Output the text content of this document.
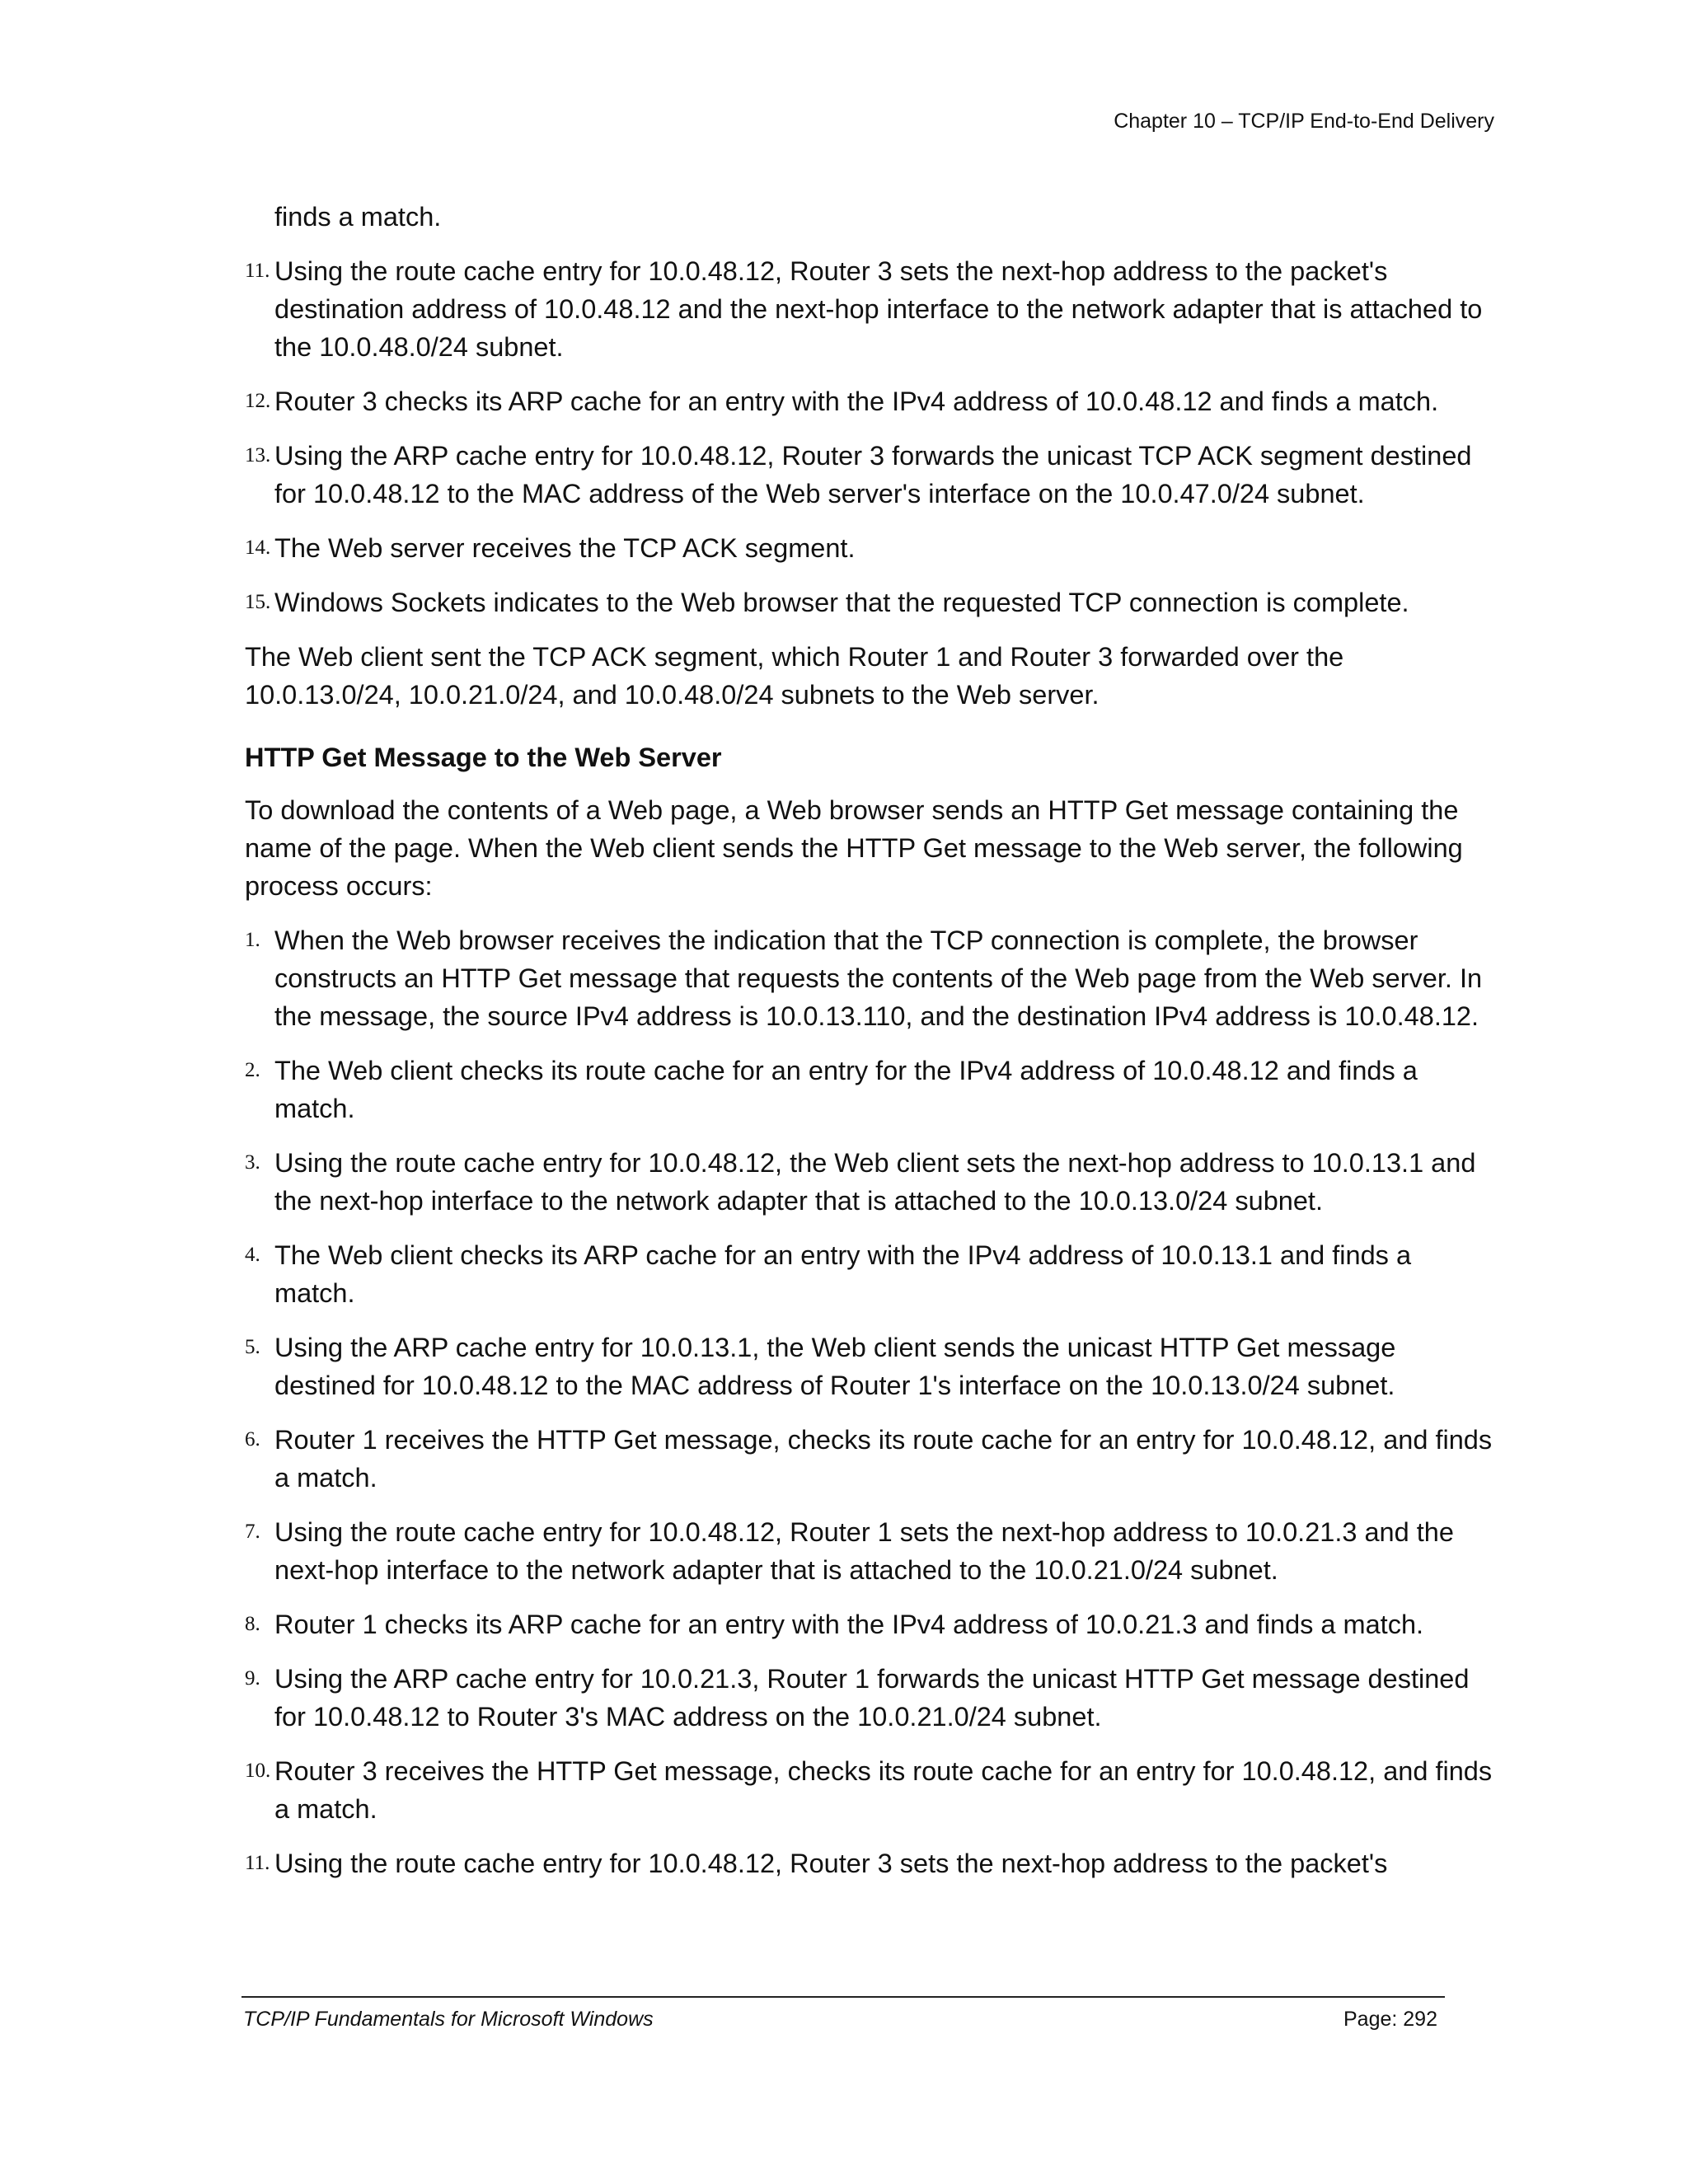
Chapter 10 – TCP/IP End-to-End Delivery
finds a match.
11. Using the route cache entry for 10.0.48.12, Router 3 sets the next-hop address to the packet's destination address of 10.0.48.12 and the next-hop interface to the network adapter that is attached to the 10.0.48.0/24 subnet.
12. Router 3 checks its ARP cache for an entry with the IPv4 address of 10.0.48.12 and finds a match.
13. Using the ARP cache entry for 10.0.48.12, Router 3 forwards the unicast TCP ACK segment destined for 10.0.48.12 to the MAC address of the Web server's interface on the 10.0.47.0/24 subnet.
14. The Web server receives the TCP ACK segment.
15. Windows Sockets indicates to the Web browser that the requested TCP connection is complete.

The Web client sent the TCP ACK segment, which Router 1 and Router 3 forwarded over the 10.0.13.0/24, 10.0.21.0/24, and 10.0.48.0/24 subnets to the Web server.

HTTP Get Message to the Web Server

To download the contents of a Web page, a Web browser sends an HTTP Get message containing the name of the page. When the Web client sends the HTTP Get message to the Web server, the following process occurs:

1. When the Web browser receives the indication that the TCP connection is complete, the browser constructs an HTTP Get message that requests the contents of the Web page from the Web server. In the message, the source IPv4 address is 10.0.13.110, and the destination IPv4 address is 10.0.48.12.
2. The Web client checks its route cache for an entry for the IPv4 address of 10.0.48.12 and finds a match.
3. Using the route cache entry for 10.0.48.12, the Web client sets the next-hop address to 10.0.13.1 and the next-hop interface to the network adapter that is attached to the 10.0.13.0/24 subnet.
4. The Web client checks its ARP cache for an entry with the IPv4 address of 10.0.13.1 and finds a match.
5. Using the ARP cache entry for 10.0.13.1, the Web client sends the unicast HTTP Get message destined for 10.0.48.12 to the MAC address of Router 1's interface on the 10.0.13.0/24 subnet.
6. Router 1 receives the HTTP Get message, checks its route cache for an entry for 10.0.48.12, and finds a match.
7. Using the route cache entry for 10.0.48.12, Router 1 sets the next-hop address to 10.0.21.3 and the next-hop interface to the network adapter that is attached to the 10.0.21.0/24 subnet.
8. Router 1 checks its ARP cache for an entry with the IPv4 address of 10.0.21.3 and finds a match.
9. Using the ARP cache entry for 10.0.21.3, Router 1 forwards the unicast HTTP Get message destined for 10.0.48.12 to Router 3's MAC address on the 10.0.21.0/24 subnet.
10. Router 3 receives the HTTP Get message, checks its route cache for an entry for 10.0.48.12, and finds a match.
11. Using the route cache entry for 10.0.48.12, Router 3 sets the next-hop address to the packet's
TCP/IP Fundamentals for Microsoft Windows	Page: 292
